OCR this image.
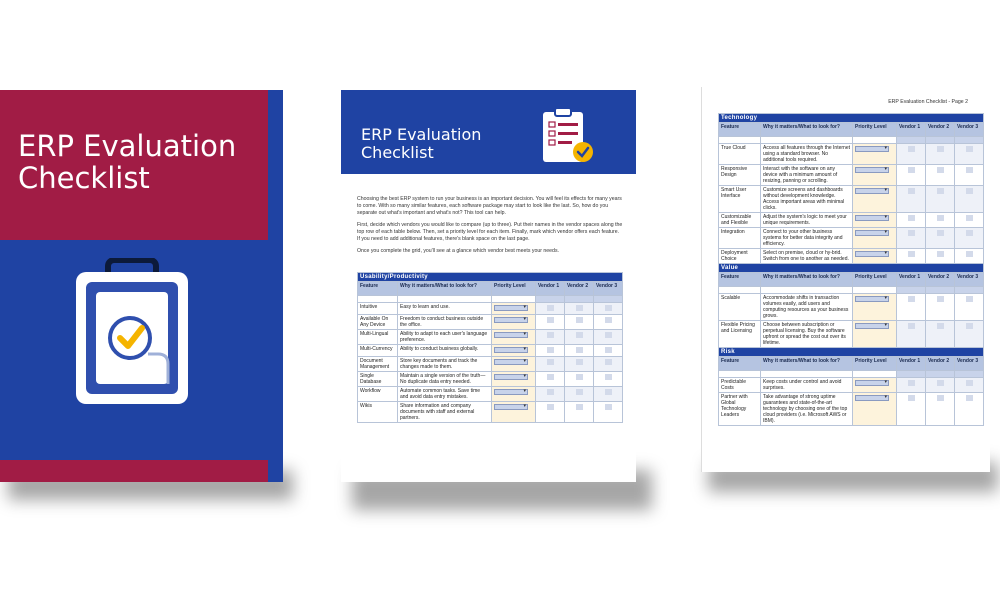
ERP Evaluation
Checklist
ERP Evaluation
Checklist

Choosing the best ERP system to run your business is an important decision. You will feel its effects for many years to come. With so many similar features, each software package may start to look like the last. So, how do you separate out what's important and what's not? This tool can help.

First, decide which vendors you would like to compare (up to three). Put their names in the vendor spaces along the top row of each table below. Then, set a priority level for each item. Finally, mark which vendor offers each feature. If you need to add additional features, there's blank space on the last page.

Once you complete the grid, you'll see at a glance which vendor best meets your needs.

Usability/Productivity					
Feature	Why it matters/What to look for?	Priority Level	Vendor 1	Vendor 2	Vendor 3

Intuitive	Easy to learn and use.	▾			
Available On Any Device	Freedom to conduct business outside the office.	▾			
Multi-Lingual	Ability to adapt to each user's language preference.	▾			
Multi-Currency	Ability to conduct business globally.	▾			
Document Management	Store key documents and track the changes made to them.	▾			
Single Database	Maintain a single version of the truth—No duplicate data entry needed.	▾			
Workflow	Automate common tasks. Save time and avoid data entry mistakes.	▾			
Wikis	Share information and company documents with staff and external partners.	▾			
ERP Evaluation Checklist - Page 2
Technology					
Feature	Why it matters/What to look for?	Priority Level	Vendor 1	Vendor 2	Vendor 3

True Cloud	Access all features through the Internet using a standard browser. No additional tools required.	▾			
Responsive Design	Interact with the software on any device with a minimum amount of resizing, panning or scrolling.	▾			
Smart User Interface	Customize screens and dashboards without development knowledge. Access important areas with minimal clicks.	▾			
Customizable and Flexible	Adjust the system's logic to meet your unique requirements.	▾			
Integration	Connect to your other business systems for better data integrity and efficiency.	▾			
Deployment Choice	Select on premise, cloud or hy-brid. Switch from one to another as needed.	▾			
Value					
Feature	Why it matters/What to look for?	Priority Level	Vendor 1	Vendor 2	Vendor 3

Scalable	Accommodate shifts in transaction volumes easily, add users and computing resources as your business grows.	▾			
Flexible Pricing and Licensing	Choose between subscription or perpetual licensing. Buy the software upfront or spread the cost out over its lifetime.	▾			
Risk					
Feature	Why it matters/What to look for?	Priority Level	Vendor 1	Vendor 2	Vendor 3

Predictable Costs	Keep costs under control and avoid surprises.	▾			
Partner with Global Technology Leaders	Take advantage of strong uptime guarantees and state-of-the-art technology by choosing one of the top cloud providers (i.e. Microsoft AWS or IBM).	▾			
